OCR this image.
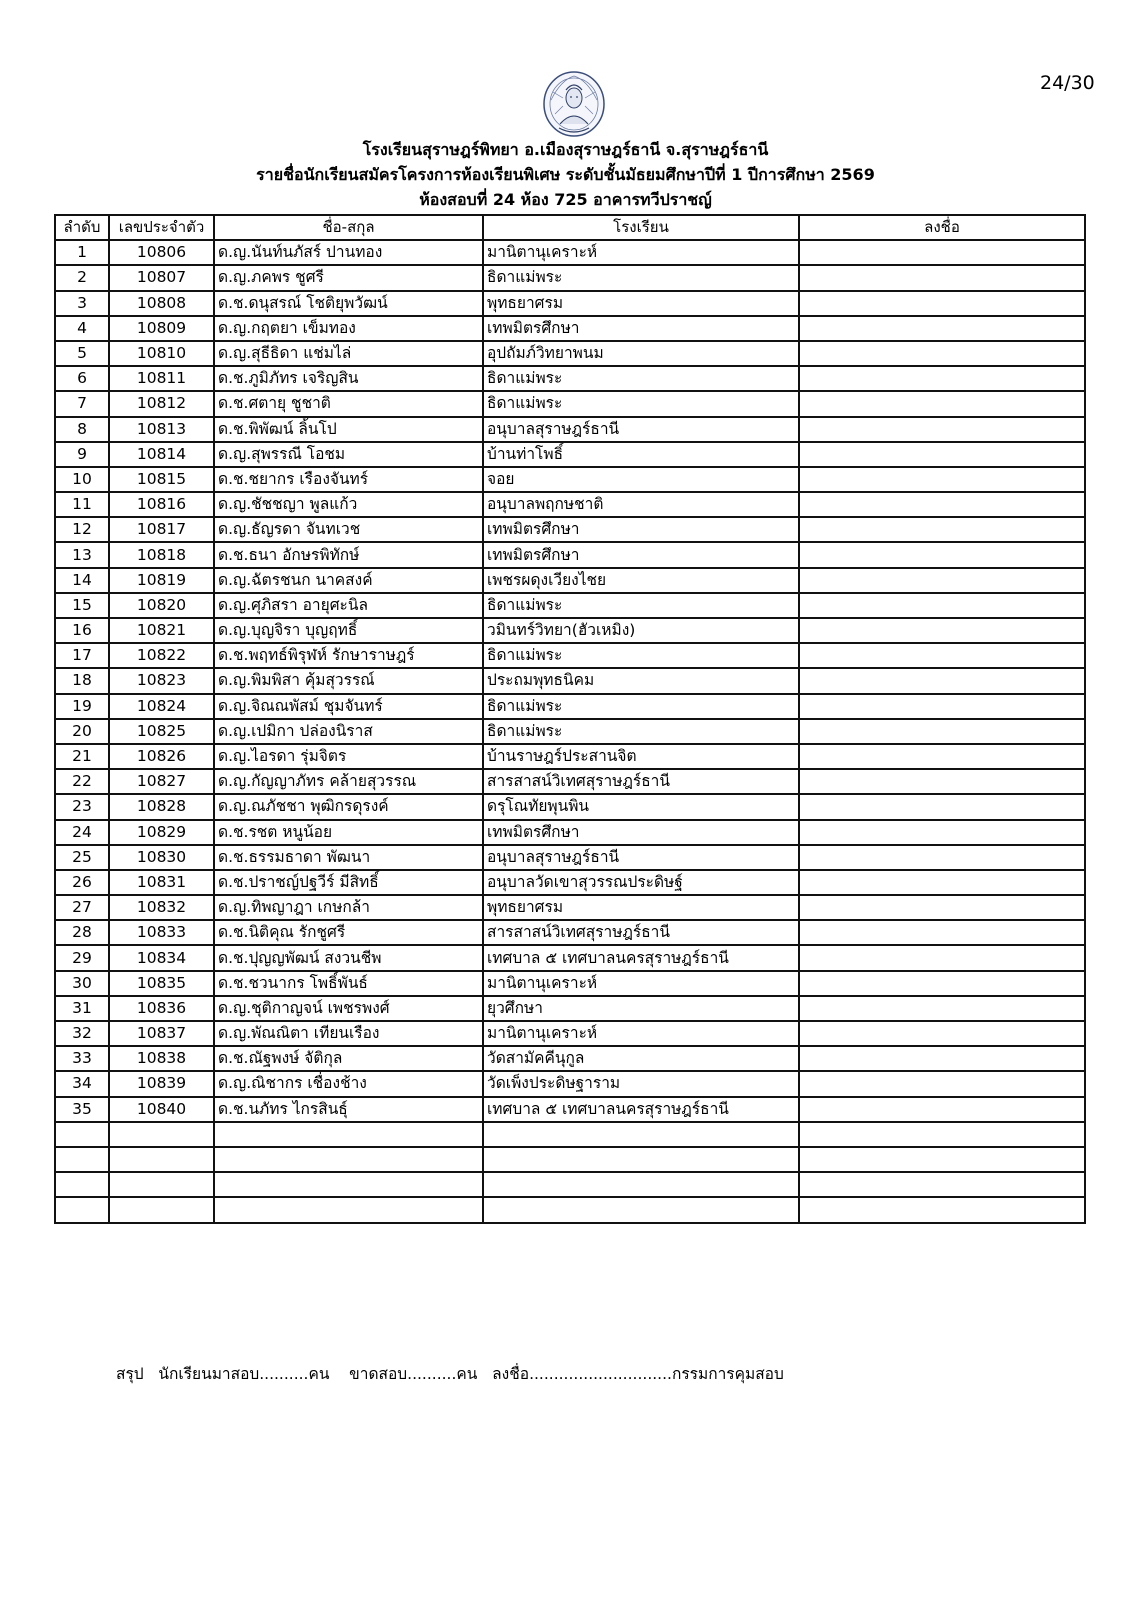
24/30
โรงเรียนสุราษฎร์พิทยา อ.เมืองสุราษฎร์ธานี จ.สุราษฎร์ธานี
รายชื่อนักเรียนสมัครโครงการห้องเรียนพิเศษ ระดับชั้นมัธยมศึกษาปีที่ 1 ปีการศึกษา 2569
ห้องสอบที่ 24 ห้อง 725 อาคารทวีปราชญ์
ลำดับ	เลขประจำตัว	ชื่อ-สกุล	โรงเรียน	ลงชื่อ
1	10806	ด.ญ.นันท์นภัสร์ ปานทอง	มานิตานุเคราะห์	
2	10807	ด.ญ.ภคพร ชูศรี	ธิดาแม่พระ	
3	10808	ด.ช.ดนุสรณ์ โชติยุพวัฒน์	พุทธยาศรม	
4	10809	ด.ญ.กฤตยา เข็มทอง	เทพมิตรศึกษา	
5	10810	ด.ญ.สุธีธิดา แช่มไล่	อุปถัมภ์วิทยาพนม	
6	10811	ด.ช.ภูมิภัทร เจริญสิน	ธิดาแม่พระ	
7	10812	ด.ช.ศตายุ ชูชาติ	ธิดาแม่พระ	
8	10813	ด.ช.พิพัฒน์ ลิ้นโป	อนุบาลสุราษฎร์ธานี	
9	10814	ด.ญ.สุพรรณี โอชม	บ้านท่าโพธิ์	
10	10815	ด.ช.ชยากร เรืองจันทร์	จอย	
11	10816	ด.ญ.ชัชชญา พูลแก้ว	อนุบาลพฤกษชาติ	
12	10817	ด.ญ.ธัญรดา จันทเวช	เทพมิตรศึกษา	
13	10818	ด.ช.ธนา อักษรพิทักษ์	เทพมิตรศึกษา	
14	10819	ด.ญ.ฉัตรชนก นาคสงค์	เพชรผดุงเวียงไชย	
15	10820	ด.ญ.ศุภิสรา อายุศะนิล	ธิดาแม่พระ	
16	10821	ด.ญ.บุญจิรา บุญฤทธิ์	วมินทร์วิทยา(ฮัวเหมิง)	
17	10822	ด.ช.พฤทธ์พิรุฬห์ รักษาราษฎร์	ธิดาแม่พระ	
18	10823	ด.ญ.พิมพิสา คุ้มสุวรรณ์	ประถมพุทธนิคม	
19	10824	ด.ญ.จิณณพัสม์ ชุมจันทร์	ธิดาแม่พระ	
20	10825	ด.ญ.เปมิกา ปล่องนิราส	ธิดาแม่พระ	
21	10826	ด.ญ.ไอรดา รุ่มจิตร	บ้านราษฎร์ประสานจิต	
22	10827	ด.ญ.กัญญาภัทร คล้ายสุวรรณ	สารสาสน์วิเทศสุราษฎร์ธานี	
23	10828	ด.ญ.ณภัชชา พุฒิกรดุรงค์	ดรุโณทัยพุนพิน	
24	10829	ด.ช.รชต หนูน้อย	เทพมิตรศึกษา	
25	10830	ด.ช.ธรรมธาดา พัฒนา	อนุบาลสุราษฎร์ธานี	
26	10831	ด.ช.ปราชญ์ปฐวีร์ มีสิทธิ์	อนุบาลวัดเขาสุวรรณประดิษฐ์	
27	10832	ด.ญ.ทิพญาฎา เกษกล้า	พุทธยาศรม	
28	10833	ด.ช.นิติคุณ รักชูศรี	สารสาสน์วิเทศสุราษฎร์ธานี	
29	10834	ด.ช.ปุญญพัฒน์ สงวนชีพ	เทศบาล ๕ เทศบาลนครสุราษฎร์ธานี	
30	10835	ด.ช.ชวนากร โพธิ์พันธ์	มานิตานุเคราะห์	
31	10836	ด.ญ.ชุติกาญจน์ เพชรพงศ์	ยุวศึกษา	
32	10837	ด.ญ.พัณณิตา เทียนเรือง	มานิตานุเคราะห์	
33	10838	ด.ช.ณัฐพงษ์ จัติกุล	วัดสามัคคีนุกูล	
34	10839	ด.ญ.ณิชากร เชื่องช้าง	วัดเพ็งประดิษฐาราม	
35	10840	ด.ช.นภัทร ไกรสินธุ์	เทศบาล ๕ เทศบาลนครสุราษฎร์ธานี	

สรุป นักเรียนมาสอบ..........คน ขาดสอบ..........คน ลงชื่อ.............................กรรมการคุมสอบ
